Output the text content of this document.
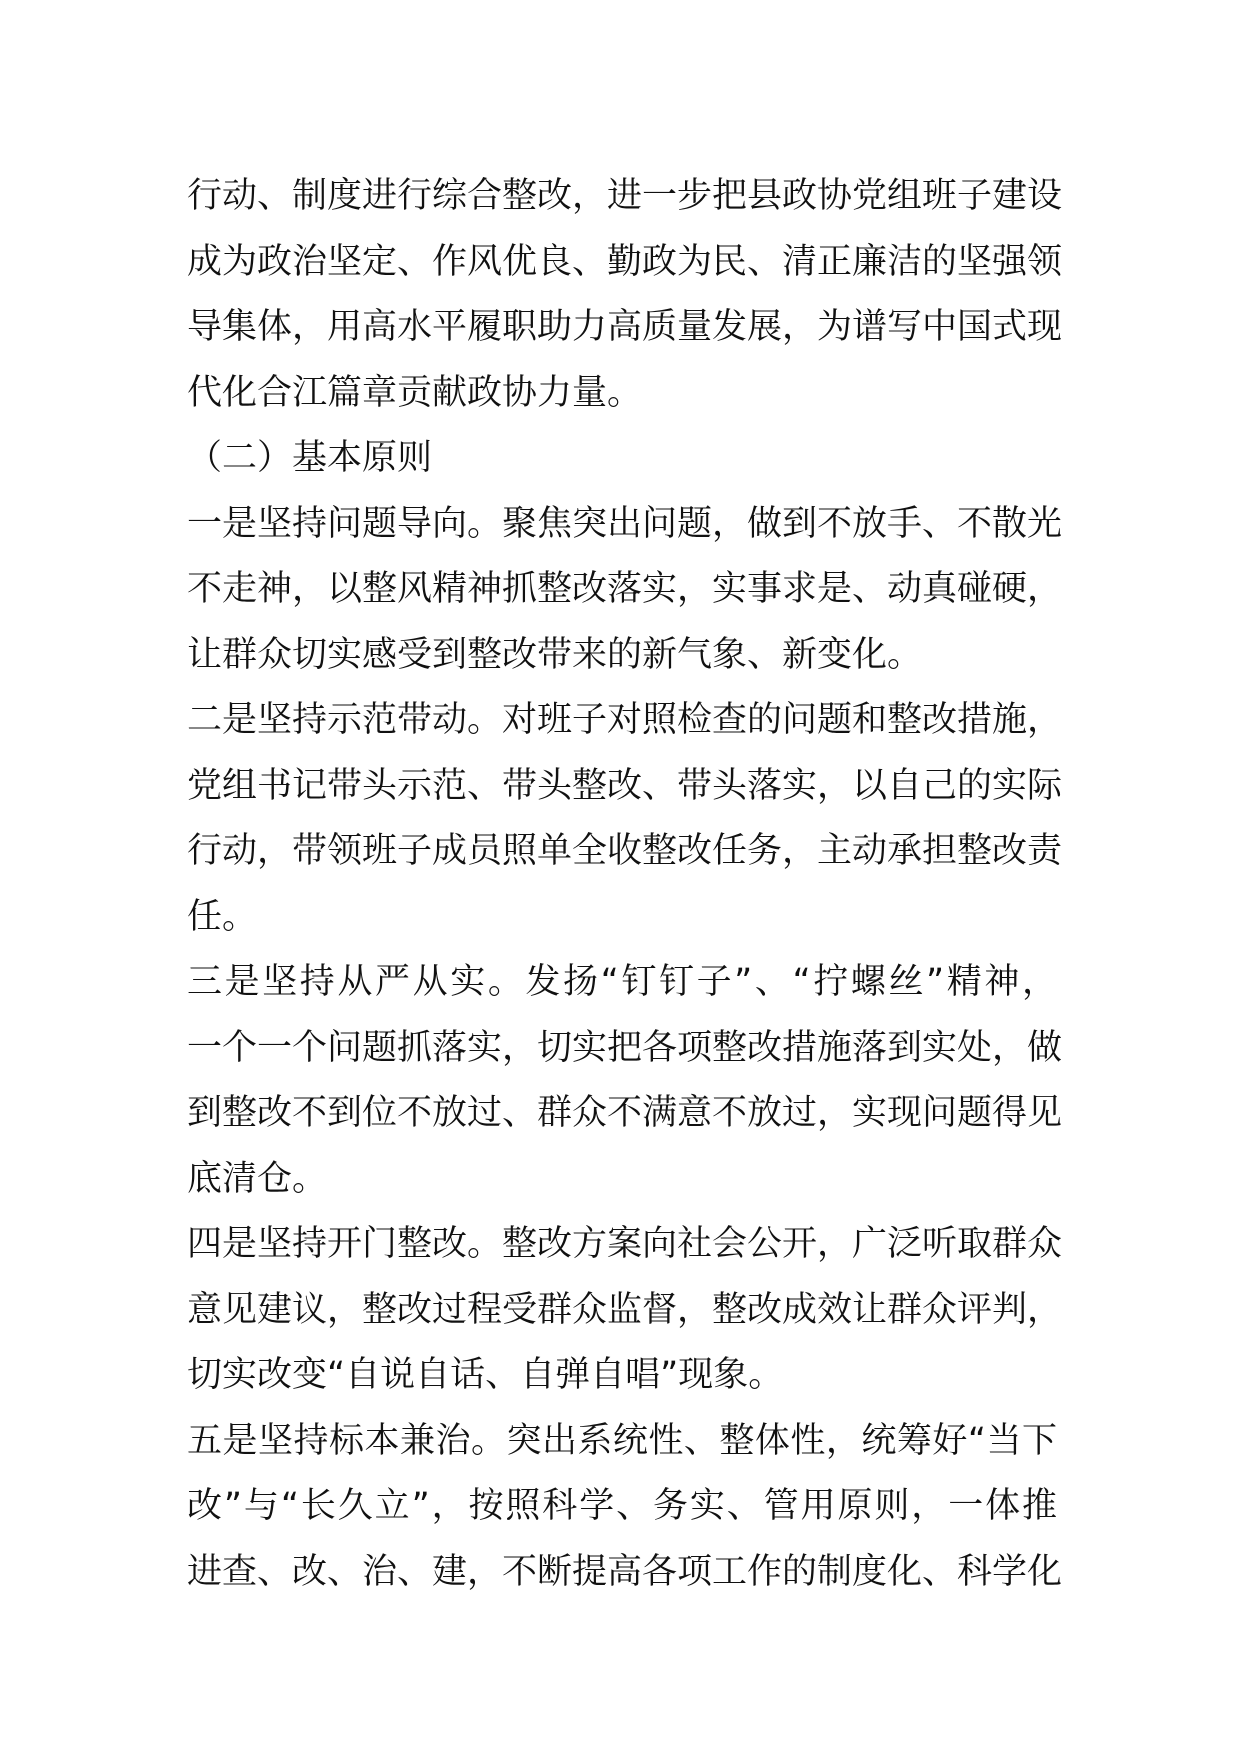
行动、制度进行综合整改，进一步把县政协党组班子建设
成为政治坚定、作风优良、勤政为民、清正廉洁的坚强领
导集体，用高水平履职助力高质量发展，为谱写中国式现
代化合江篇章贡献政协力量。
（二）基本原则
一是坚持问题导向。聚焦突出问题，做到不放手、不散光
不走神，以整风精神抓整改落实，实事求是、动真碰硬，
让群众切实感受到整改带来的新气象、新变化。
二是坚持示范带动。对班子对照检查的问题和整改措施，
党组书记带头示范、带头整改、带头落实，以自己的实际
行动，带领班子成员照单全收整改任务，主动承担整改责
任。
三是坚持从严从实。发扬“钉钉子”、“拧螺丝”精神，
一个一个问题抓落实，切实把各项整改措施落到实处，做
到整改不到位不放过、群众不满意不放过，实现问题得见
底清仓。
四是坚持开门整改。整改方案向社会公开，广泛听取群众
意见建议，整改过程受群众监督，整改成效让群众评判，
切实改变“自说自话、自弹自唱”现象。
五是坚持标本兼治。突出系统性、整体性，统筹好“当下
改”与“长久立”，按照科学、务实、管用原则，一体推
进查、改、治、建，不断提高各项工作的制度化、科学化
